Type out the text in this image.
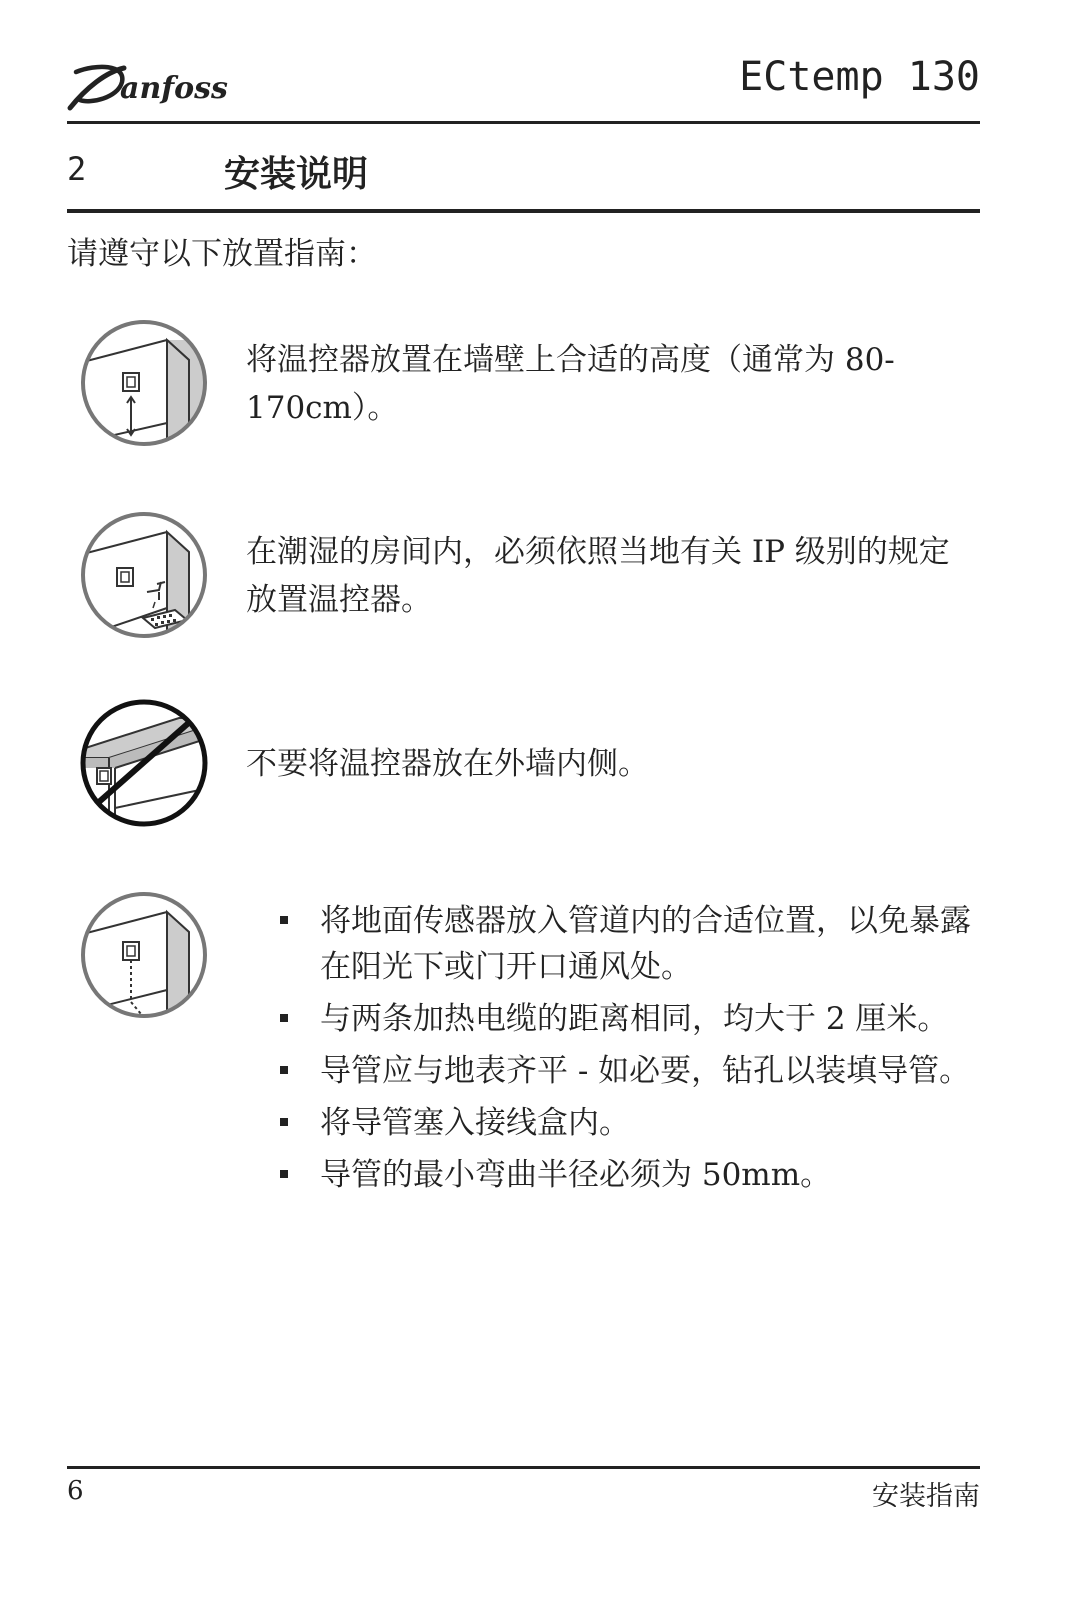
anfoss	ECtemp 130
2	安装说明
请遵守以下放置指南：
将温控器放置在墙壁上合适的高度（通常为 80-170cm）。
在潮湿的房间内，必须依照当地有关 IP 级别的规定放置温控器。
不要将温控器放在外墙内侧。
将地面传感器放入管道内的合适位置，以免暴露在阳光下或门开口通风处。
与两条加热电缆的距离相同，均大于 2 厘米。
导管应与地表齐平 - 如必要，钻孔以装填导管。
将导管塞入接线盒内。
导管的最小弯曲半径必须为 50mm。
6	安装指南
